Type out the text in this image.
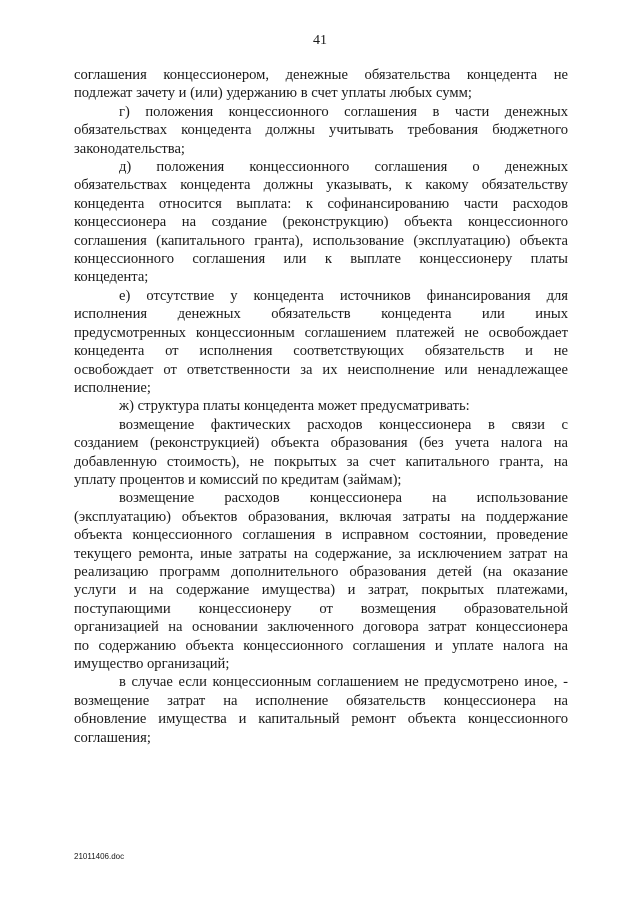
41
соглашения концессионером, денежные обязательства концедента не
подлежат зачету и (или) удержанию в счет уплаты любых сумм;
г) положения концессионного соглашения в части денежных
обязательствах концедента должны учитывать требования бюджетного
законодательства;
д) положения концессионного соглашения о денежных
обязательствах концедента должны указывать, к какому обязательству
концедента относится выплата: к софинансированию части расходов
концессионера на создание (реконструкцию) объекта концессионного
соглашения (капитального гранта), использование (эксплуатацию) объекта
концессионного соглашения или к выплате концессионеру платы
концедента;
е) отсутствие у концедента источников финансирования для
исполнения денежных обязательств концедента или иных
предусмотренных концессионным соглашением платежей не освобождает
концедента от исполнения соответствующих обязательств и не
освобождает от ответственности за их неисполнение или ненадлежащее
исполнение;
ж) структура платы концедента может предусматривать:
возмещение фактических расходов концессионера в связи с
созданием (реконструкцией) объекта образования (без учета налога на
добавленную стоимость), не покрытых за счет капитального гранта, на
уплату процентов и комиссий по кредитам (займам);
возмещение расходов концессионера на использование
(эксплуатацию) объектов образования, включая затраты на поддержание
объекта концессионного соглашения в исправном состоянии, проведение
текущего ремонта, иные затраты на содержание, за исключением затрат на
реализацию программ дополнительного образования детей (на оказание
услуги и на содержание имущества) и затрат, покрытых платежами,
поступающими концессионеру от возмещения образовательной
организацией на основании заключенного договора затрат концессионера
по содержанию объекта концессионного соглашения и уплате налога на
имущество организаций;
в случае если концессионным соглашением не предусмотрено иное, -
возмещение затрат на исполнение обязательств концессионера на
обновление имущества и капитальный ремонт объекта концессионного
соглашения;
21011406.doc
